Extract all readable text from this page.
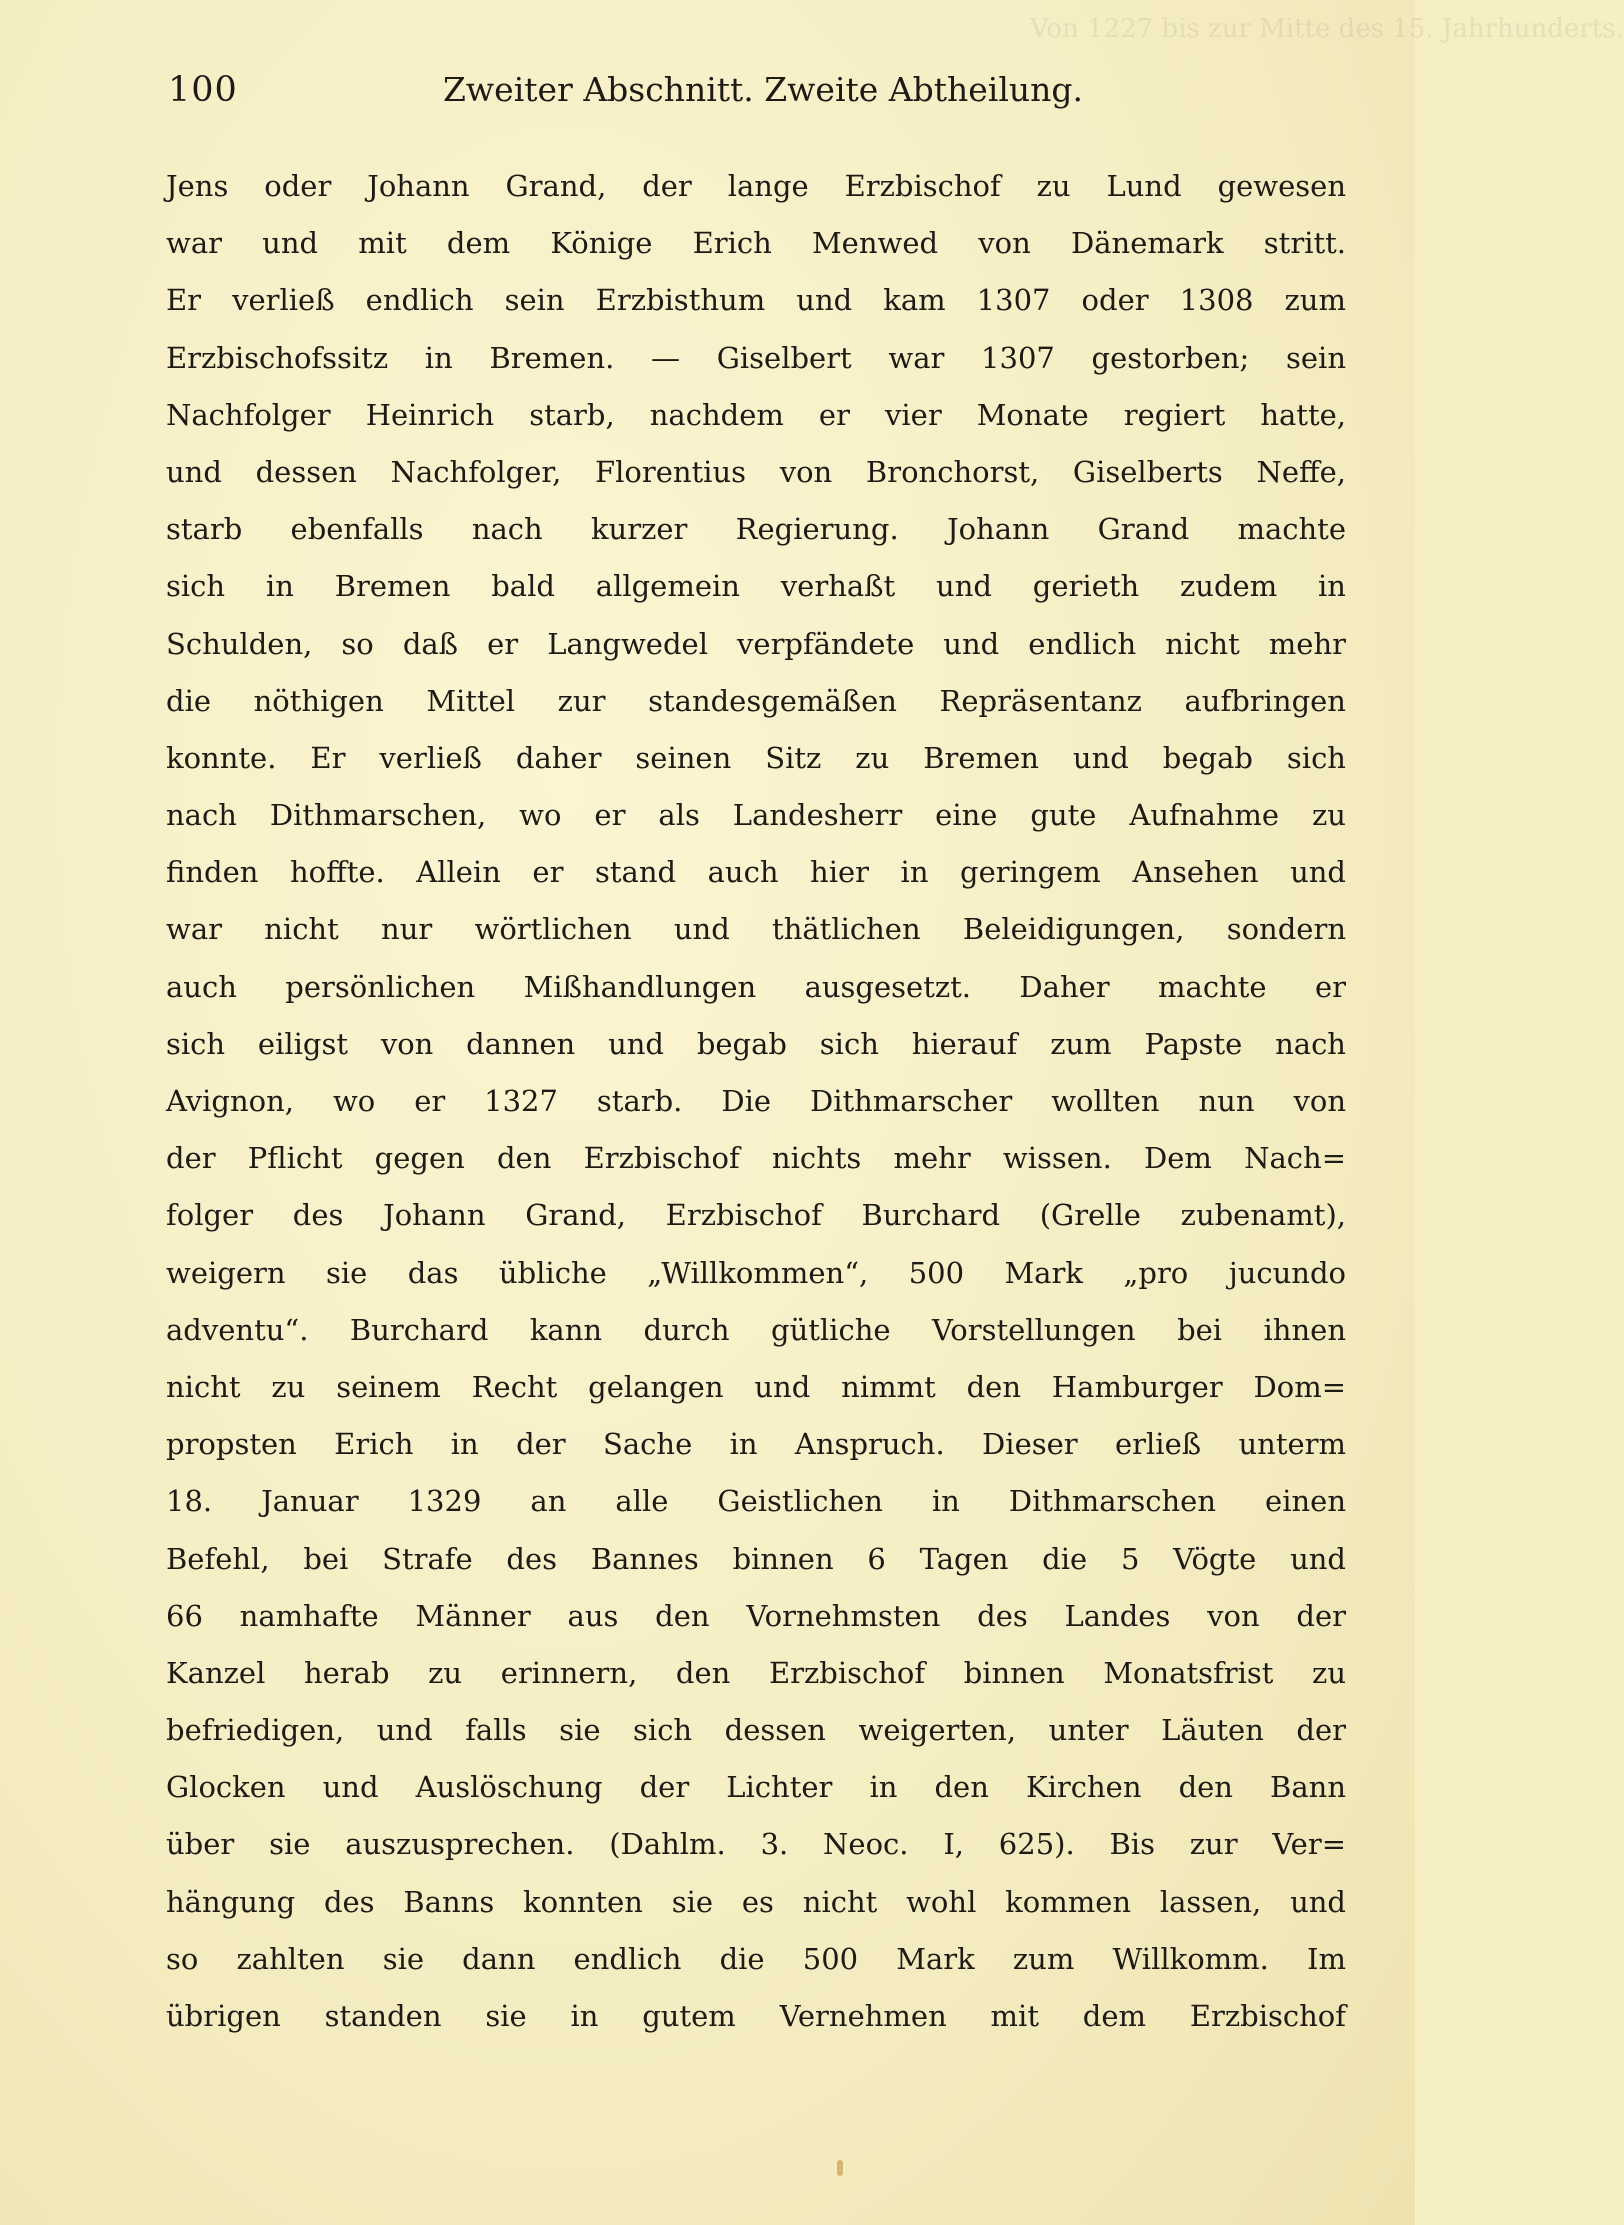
Von 1227 bis zur Mitte des 15. Jahrhunderts.
100	Zweiter Abschnitt. Zweite Abtheilung.
Jens oder Johann Grand, der lange Erzbischof zu Lund gewesen
war und mit dem Könige Erich Menwed von Dänemark stritt.
Er verließ endlich sein Erzbisthum und kam 1307 oder 1308 zum
Erzbischofssitz in Bremen. — Giselbert war 1307 gestorben; sein
Nachfolger Heinrich starb, nachdem er vier Monate regiert hatte,
und dessen Nachfolger, Florentius von Bronchorst, Giselberts Neffe,
starb ebenfalls nach kurzer Regierung. Johann Grand machte
sich in Bremen bald allgemein verhaßt und gerieth zudem in
Schulden, so daß er Langwedel verpfändete und endlich nicht mehr
die nöthigen Mittel zur standesgemäßen Repräsentanz aufbringen
konnte. Er verließ daher seinen Sitz zu Bremen und begab sich
nach Dithmarschen, wo er als Landesherr eine gute Aufnahme zu
finden hoffte. Allein er stand auch hier in geringem Ansehen und
war nicht nur wörtlichen und thätlichen Beleidigungen, sondern
auch persönlichen Mißhandlungen ausgesetzt. Daher machte er
sich eiligst von dannen und begab sich hierauf zum Papste nach
Avignon, wo er 1327 starb. Die Dithmarscher wollten nun von
der Pflicht gegen den Erzbischof nichts mehr wissen. Dem Nach=
folger des Johann Grand, Erzbischof Burchard (Grelle zubenamt),
weigern sie das übliche „Willkommen“, 500 Mark „pro jucundo
adventu“. Burchard kann durch gütliche Vorstellungen bei ihnen
nicht zu seinem Recht gelangen und nimmt den Hamburger Dom=
propsten Erich in der Sache in Anspruch. Dieser erließ unterm
18. Januar 1329 an alle Geistlichen in Dithmarschen einen
Befehl, bei Strafe des Bannes binnen 6 Tagen die 5 Vögte und
66 namhafte Männer aus den Vornehmsten des Landes von der
Kanzel herab zu erinnern, den Erzbischof binnen Monatsfrist zu
befriedigen, und falls sie sich dessen weigerten, unter Läuten der
Glocken und Auslöschung der Lichter in den Kirchen den Bann
über sie auszusprechen. (Dahlm. 3. Neoc. I, 625). Bis zur Ver=
hängung des Banns konnten sie es nicht wohl kommen lassen, und
so zahlten sie dann endlich die 500 Mark zum Willkomm. Im
übrigen standen sie in gutem Vernehmen mit dem Erzbischof
